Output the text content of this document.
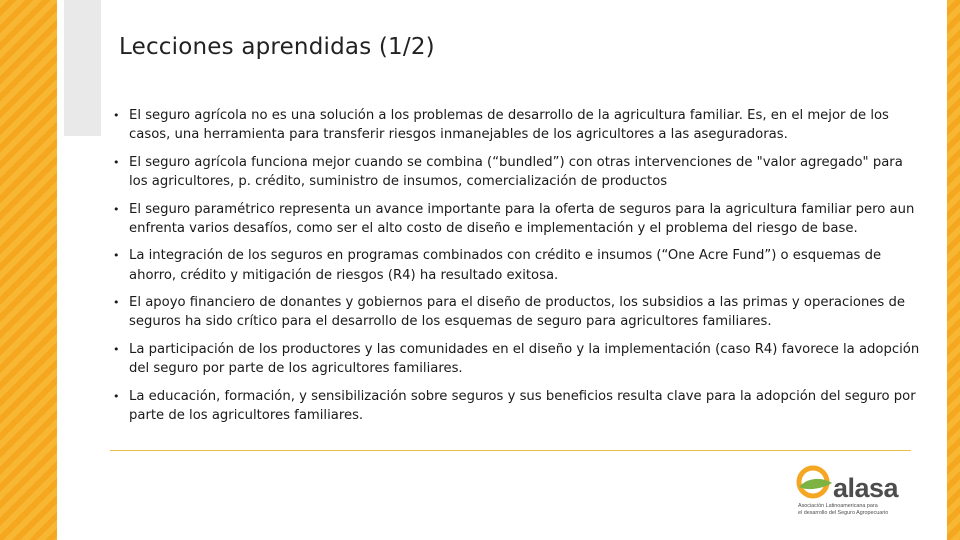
Lecciones aprendidas (1/2)
• El seguro agrícola no es una solución a los problemas de desarrollo de la agricultura familiar. Es, en el mejor de los casos, una herramienta para transferir riesgos inmanejables de los agricultores a las aseguradoras.
• El seguro agrícola funciona mejor cuando se combina (“bundled”) con otras intervenciones de "valor agregado" para los agricultores, p. crédito, suministro de insumos, comercialización de productos
• El seguro paramétrico representa un avance importante para la oferta de seguros para la agricultura familiar pero aun enfrenta varios desafíos, como ser el alto costo de diseño e implementación y el problema del riesgo de base.
• La integración de los seguros en programas combinados con crédito e insumos (“One Acre Fund”) o esquemas de ahorro, crédito y mitigación de riesgos (R4) ha resultado exitosa.
• El apoyo financiero de donantes y gobiernos para el diseño de productos, los subsidios a las primas y operaciones de seguros ha sido crítico para el desarrollo de los esquemas de seguro para agricultores familiares.
• La participación de los productores y las comunidades en el diseño y la implementación (caso R4) favorece la adopción del seguro por parte de los agricultores familiares.
• La educación, formación, y sensibilización sobre seguros y sus beneficios resulta clave para la adopción del seguro por parte de los agricultores familiares.
alasa
Asociación Latinoamericana para
el desarrollo del Seguro Agropecuario
